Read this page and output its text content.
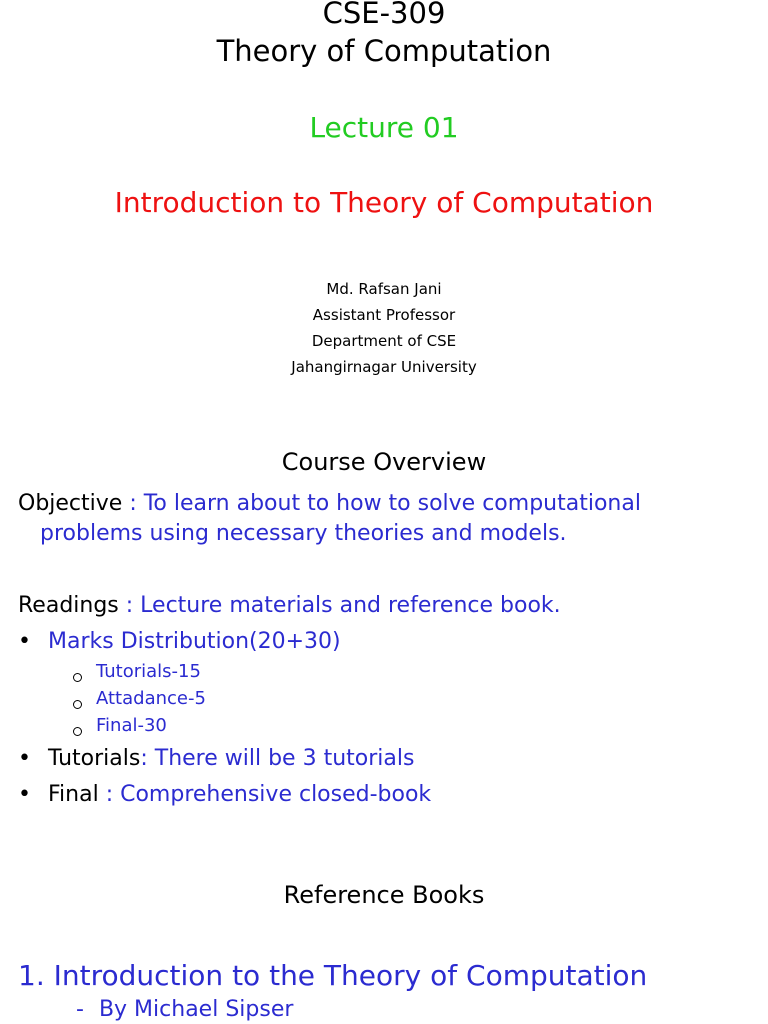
CSE-309
Theory of Computation
Lecture 01
Introduction to Theory of Computation
Md. Rafsan Jani
Assistant Professor
Department of CSE
Jahangirnagar University
Course Overview
Objective : To learn about to how to solve computational
problems using necessary theories and models.
Readings : Lecture materials and reference book.
• Marks Distribution(20+30)
Tutorials-15
Attadance-5
Final-30
• Tutorials: There will be 3 tutorials
• Final : Comprehensive closed-book
Reference Books
1. Introduction to the Theory of Computation
- By Michael Sipser
